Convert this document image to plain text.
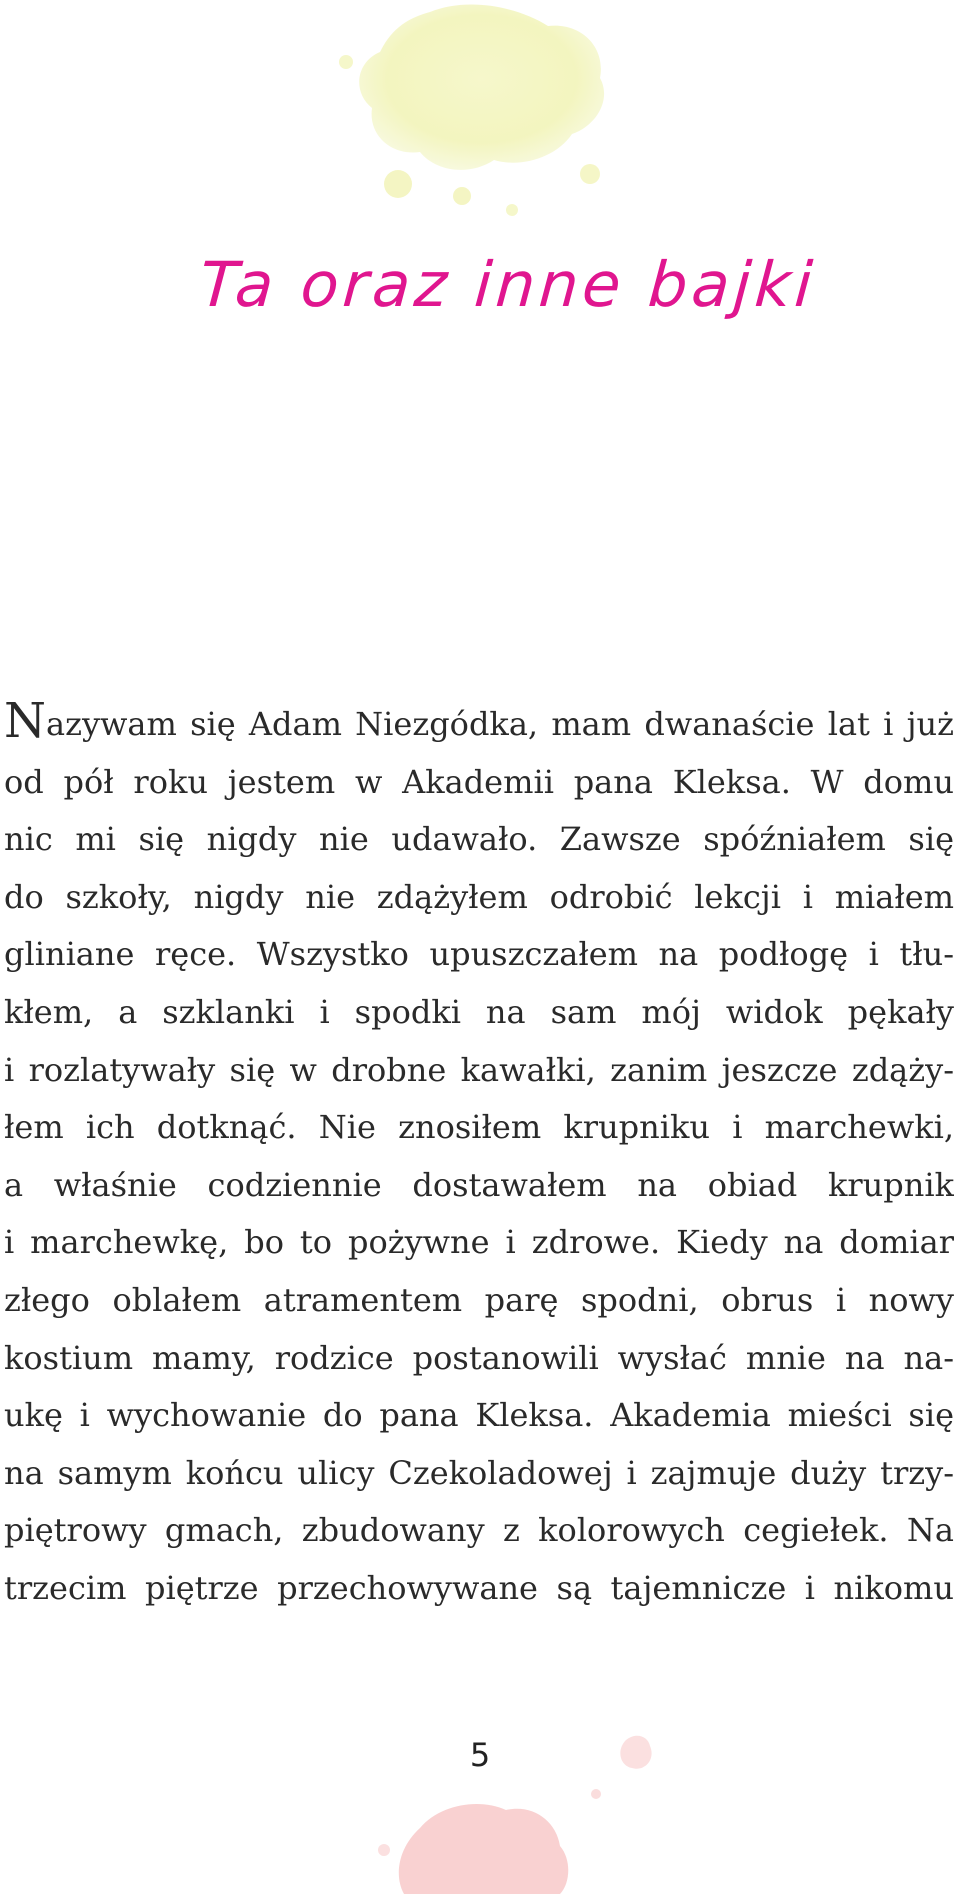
Ta oraz inne bajki
Nazywam się Adam Niezgódka, mam dwanaście lat i już
od pół roku jestem w Akademii pana Kleksa. W domu
nic mi się nigdy nie udawało. Zawsze spóźniałem się
do szkoły, nigdy nie zdążyłem odrobić lekcji i miałem
gliniane ręce. Wszystko upuszczałem na podłogę i tłu-
kłem, a szklanki i spodki na sam mój widok pękały
i rozlatywały się w drobne kawałki, zanim jeszcze zdąży-
łem ich dotknąć. Nie znosiłem krupniku i marchewki,
a właśnie codziennie dostawałem na obiad krupnik
i marchewkę, bo to pożywne i zdrowe. Kiedy na domiar
złego oblałem atramentem parę spodni, obrus i nowy
kostium mamy, rodzice postanowili wysłać mnie na na-
ukę i wychowanie do pana Kleksa. Akademia mieści się
na samym końcu ulicy Czekoladowej i zajmuje duży trzy-
piętrowy gmach, zbudowany z kolorowych cegiełek. Na
trzecim piętrze przechowywane są tajemnicze i nikomu

5
